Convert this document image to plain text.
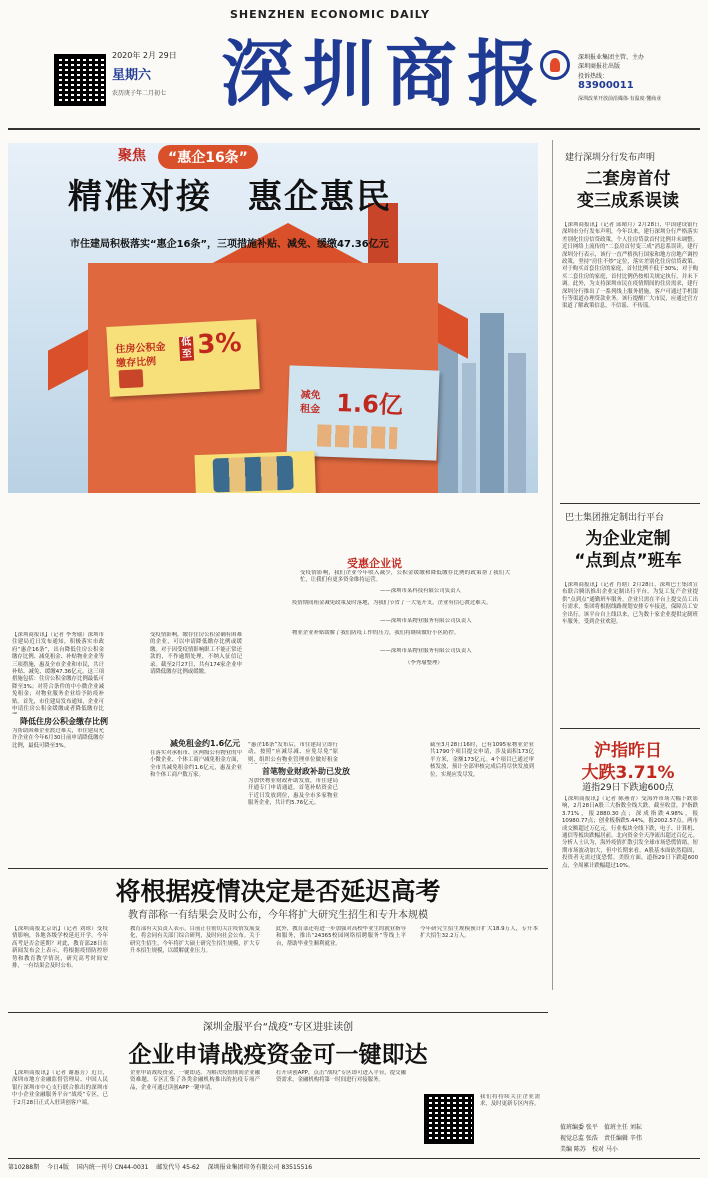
2020年 2月 29日
星期六
农历庚子年二月初七
SHENZHEN ECONOMIC DAILY
深圳商报	深圳报业集团主管、主办
深圳商报社出版
投诉热线：
83900011
深圳改革开放前沿媒体·有温度·懂商业
聚焦	“惠企16条”
精准对接　惠企惠民
市住建局积极落实“惠企16条”，三项措施补贴、减免、缓缴47.36亿元
住房公积金
缴存比例
低至 3%
减免
租金 1.6亿
受惠企业说
受疫情影响，我们企业今年收入减少，公积金缓缴和降低缴存比例的政策帮了我们大忙，让我们有更多资金维持运营。
——深圳市某科技有限公司负责人
疫情期间租金减免政策及时落地，为我们节省了一大笔开支，企业有信心渡过难关。
——深圳市某物业服务有限公司负责人
物业企业补贴缓解了我们防疫工作的压力，我们将继续做好小区防控。
——深圳市某物业服务有限公司负责人
（李秀瑜整理）
【深圳商报讯】（记者 李秀瑜）深圳市住建局近日发布通知，积极落实市政府“惠企16条”，出台降低住房公积金缴存比例、减免租金、补贴物业企业等三项措施，惠及全市企业和市民，共计补贴、减免、缓缴47.36亿元。这三项措施包括：住房公积金缴存比例最低可降至3%；对符合条件的中小微企业减免租金；对物业服务企业给予防疫补贴。首先，市住建局发布通知，企业可申请住房公积金缓缴或者降低缴存比
降低住房公积金缴存比例
为帮助困难企业渡过难关，市住建局允许企业在今年6月30日前申请降低缴存比例，最低可降至3%。
受疫情影响，缴存住房公积金确有困难的企业，可以申请降低缴存比例或缓缴。对于因受疫情影响职工不能正常还款的，不作逾期处理，不纳入征信记录。截至2月27日，共有174家企业申请降低缴存比例或缓缴。
减免租金约1.6亿元
在落实对承租市、区两级公有物业的中小微企业、个体工商户减免租金方面，全市共减免租金约1.6亿元，惠及企业和个体工商户数万家。
“惠企16条”发布后，市住建局立即行动，按照“应减尽减、应免尽免”原则，组织公有物业管理单位做好租金
首笔物业财政补助已发放
为加快物业财政补助发放，市住建局开通专门申请通道，首笔补贴资金已于近日发放到位，惠及全市多家物业服务企业，共计约5.76亿元。
截至3月28日16时，已有1095家物业企业共1790个项目提交申请，涉及面积173亿平方米，金额173亿元。4个项目已通过审核发放，预计全部审核完成后将尽快发放到位，实现应发尽发。
建行深圳分行发布声明
二套房首付
变三成系误读
【深圳商报讯】（记者 邱晴月）2月28日，中国建设银行深圳市分行发布声明，今年以来，建行深圳分行严格落实差别化住房信贷政策，个人住房贷款首付比例并未调整。近日网络上流传的“二套房首付变三成”消息系误读。建行深圳分行表示，该行一直严格执行国家和地方房地产调控政策，坚持“房住不炒”定位，落实差别化住房信贷政策。对于购买首套住房的家庭，首付比例不低于30%；对于购买二套住房的家庭，首付比例仍按相关规定执行，并未下调。此外，为支持深圳市民在疫情期间的住房需求，建行深圳分行推出了一系列线上服务措施，客户可通过手机银行等渠道办理贷款业务。该行提醒广大市民，应通过官方渠道了解政策信息，不信谣、不传谣。
巴士集团推定制出行平台
为企业定制
“点到点”班车
【深圳商报讯】（记者 肖晗）2月28日，深圳巴士集团宣布联合腾讯推出企业定制出行平台，为复工复产企业提供“点到点”通勤班车服务。企业只需在平台上提交员工出行需求，集团将根据线路规划安排专车接送，保障员工安全出行。该平台自上线以来，已为数十家企业提供定制班车服务，受到企业欢迎。
沪指昨日
大跌3.71%
道指29日下跌逾600点
【深圳商报讯】（记者 陈燕青）受海外市场大幅下跌影响，2月28日A股三大指数全线大跌。截至收盘，沪指跌3.71%，报2880.30点；深成指跌4.98%，报10980.77点；创业板指跌5.44%，报2002.57点。两市成交额超过万亿元。行业板块全线下跌，电子、计算机、通信等板块跌幅居前。北向资金全天净流出超过百亿元。分析人士认为，海外疫情扩散引发全球市场恐慌情绪，短期市场波动加大，但中长期来看，A股基本面依然稳固，投资者无需过度恐慌。美股方面，道指29日下跌超600点，全周累计跌幅超过10%。
值班编委 张平　 值班主任 刘耘
视觉总监 张浩　 责任编辑 辛伟
美编 陈苏　 校对 马小
将根据疫情决定是否延迟高考
教育部称一有结果会及时公布，今年将扩大研究生招生和专升本规模
【深圳商报北京讯】（记者 刘琼）受疫情影响，各地各级学校延迟开学。今年高考是否会延期？对此，教育部28日在新闻发布会上表示，将根据疫情防控形势和教育教学情况，研究高考时间安排，一有结果会及时公布。
教育部有关负责人表示，目前正在密切关注疫情发展变化，将会同有关部门综合研判，及时向社会公布。关于研究生招生，今年将扩大硕士研究生招生规模，扩大专升本招生规模，以缓解就业压力。
此外，教育部还将进一步加强对高校毕业生的就业指导和服务，推出“24365校园网络招聘服务”等线上平台，帮助毕业生顺利就业。
今年研究生招生规模预计扩大18.9万人，专升本扩大招生32.2万人。
深圳金服平台“战疫”专区进驻读创
企业申请战疫资金可一键即达
【深圳商报讯】（记者 谢惠芳）近日，深圳市地方金融监督管理局、中国人民银行深圳市中心支行联合推出的深圳市中小企业金融服务平台“战疫”专区，已于2月28日正式入驻读创客户端。
企业申请战疫资金，一键即达。为解决疫情期间企业融资难题，专区汇集了各类金融机构推出的抗疫专项产品，企业可通过读创APP一键申请。
打开读创APP，点击“战疫”专区即可进入平台，提交融资需求，金融机构将第一时间进行对接服务。
我们将持续关注企业需求，及时更新专区内容。
第10288期　 今日4版　 国内统一刊号 CN44-0031　 邮发代号 45-62　 深圳报业集团印务有限公司 83515516
